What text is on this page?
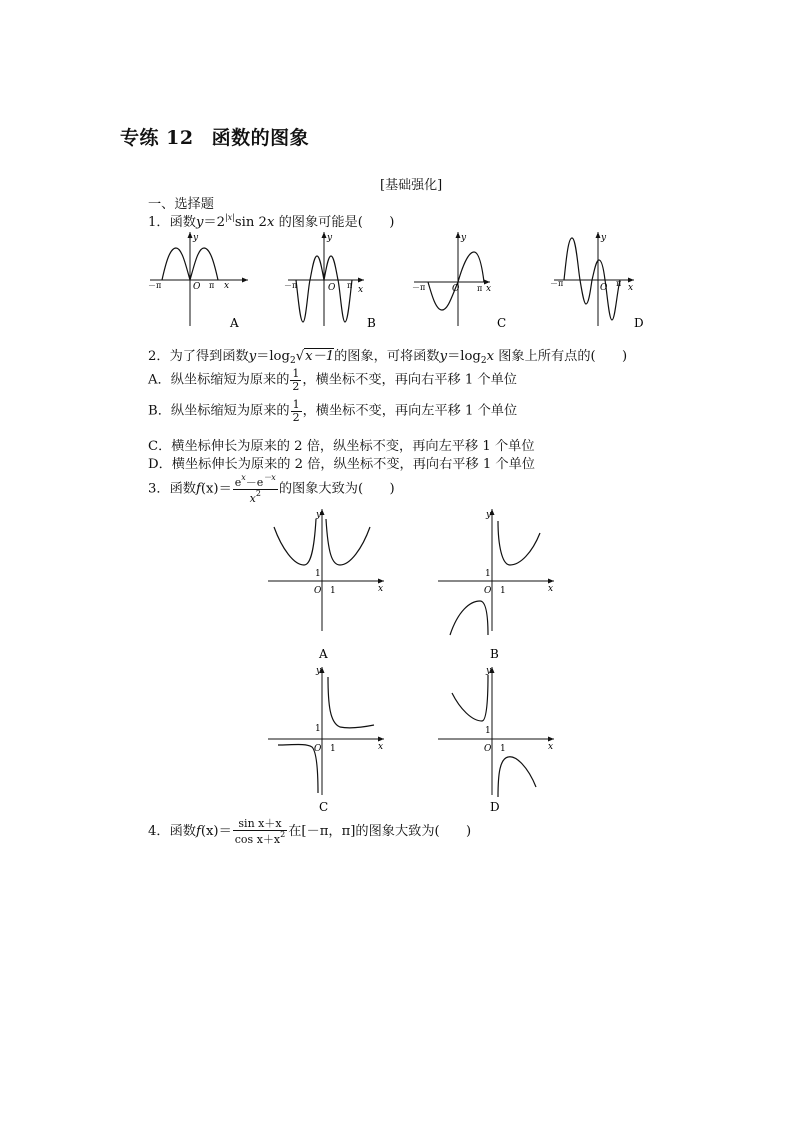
专练 12 函数的图象
[基础强化]
一、选择题
1．函数$y=2^{|x|}\sin$ 2x 的图象可能是(　　)
y
x
O
－π	π
A
y
x
O
－π	π
B
y
x
O
－π	π
C
y
x
O
－π	π
D
2．为了得到函数$y=\log_2√x-1$的图象，可将函数$y=\log_2x$ 图象上所有点的(　　)
A．纵坐标缩短为原来的 $\frac{1}{2}$ ，横坐标不变，再向右平移 1 个单位
B．纵坐标缩短为原来的 $\frac{1}{2}$ ，横坐标不变，再向左平移 1 个单位
C．横坐标伸长为原来的 2 倍，纵坐标不变，再向左平移 1 个单位
D．横坐标伸长为原来的 2 倍，纵坐标不变，再向右平移 1 个单位
3．函数$f(x)= \frac{e^x-e^{-x}}{x^2}$ 的图象大致为(　　)
y
x
O
1
1
A
y
x
O
1
1
B
y
x
O
1
1
C
y
x
O
1
1
D
4．函数$f(x)= \frac{\text{sin x＋x}}{\cos x+x^2}$ 在[－π，π]的图象大致为(　　)
